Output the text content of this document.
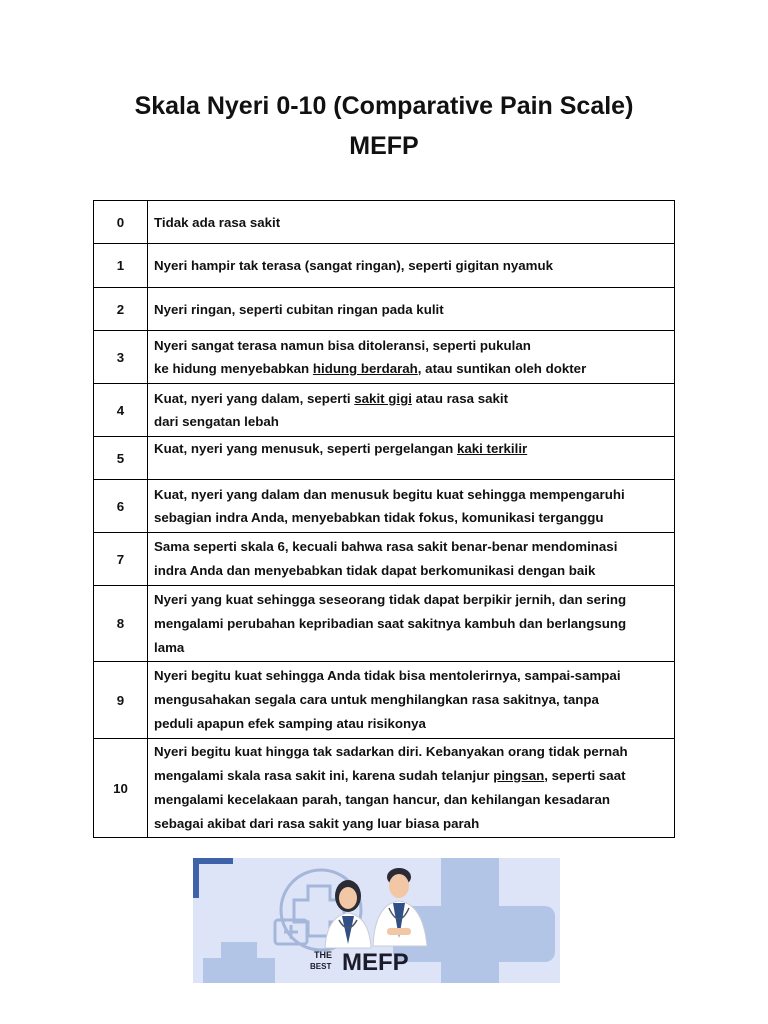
Skala Nyeri 0-10 (Comparative Pain Scale)
MEFP
0	Tidak ada rasa sakit

1	Nyeri hampir tak terasa (sangat ringan), seperti gigitan nyamuk

2	Nyeri ringan, seperti cubitan ringan pada kulit

3	Nyeri sangat terasa namun bisa ditoleransi, seperti pukulan
ke hidung menyebabkan hidung berdarah, atau suntikan oleh dokter

4	Kuat, nyeri yang dalam, seperti sakit gigi atau rasa sakit
dari sengatan lebah

5	Kuat, nyeri yang menusuk, seperti pergelangan kaki terkilir

6	Kuat, nyeri yang dalam dan menusuk begitu kuat sehingga mempengaruhi
sebagian indra Anda, menyebabkan tidak fokus, komunikasi terganggu

7	Sama seperti skala 6, kecuali bahwa rasa sakit benar-benar mendominasi
indra Anda dan menyebabkan tidak dapat berkomunikasi dengan baik

8	Nyeri yang kuat sehingga seseorang tidak dapat berpikir jernih, dan sering
mengalami perubahan kepribadian saat sakitnya kambuh dan berlangsung
lama

9	Nyeri begitu kuat sehingga Anda tidak bisa mentolerirnya, sampai-sampai
mengusahakan segala cara untuk menghilangkan rasa sakitnya, tanpa
peduli apapun efek samping atau risikonya

10	Nyeri begitu kuat hingga tak sadarkan diri. Kebanyakan orang tidak pernah
mengalami skala rasa sakit ini, karena sudah telanjur pingsan, seperti saat
mengalami kecelakaan parah, tangan hancur, dan kehilangan kesadaran
sebagai akibat dari rasa sakit yang luar biasa parah
THE
BEST MEFP
